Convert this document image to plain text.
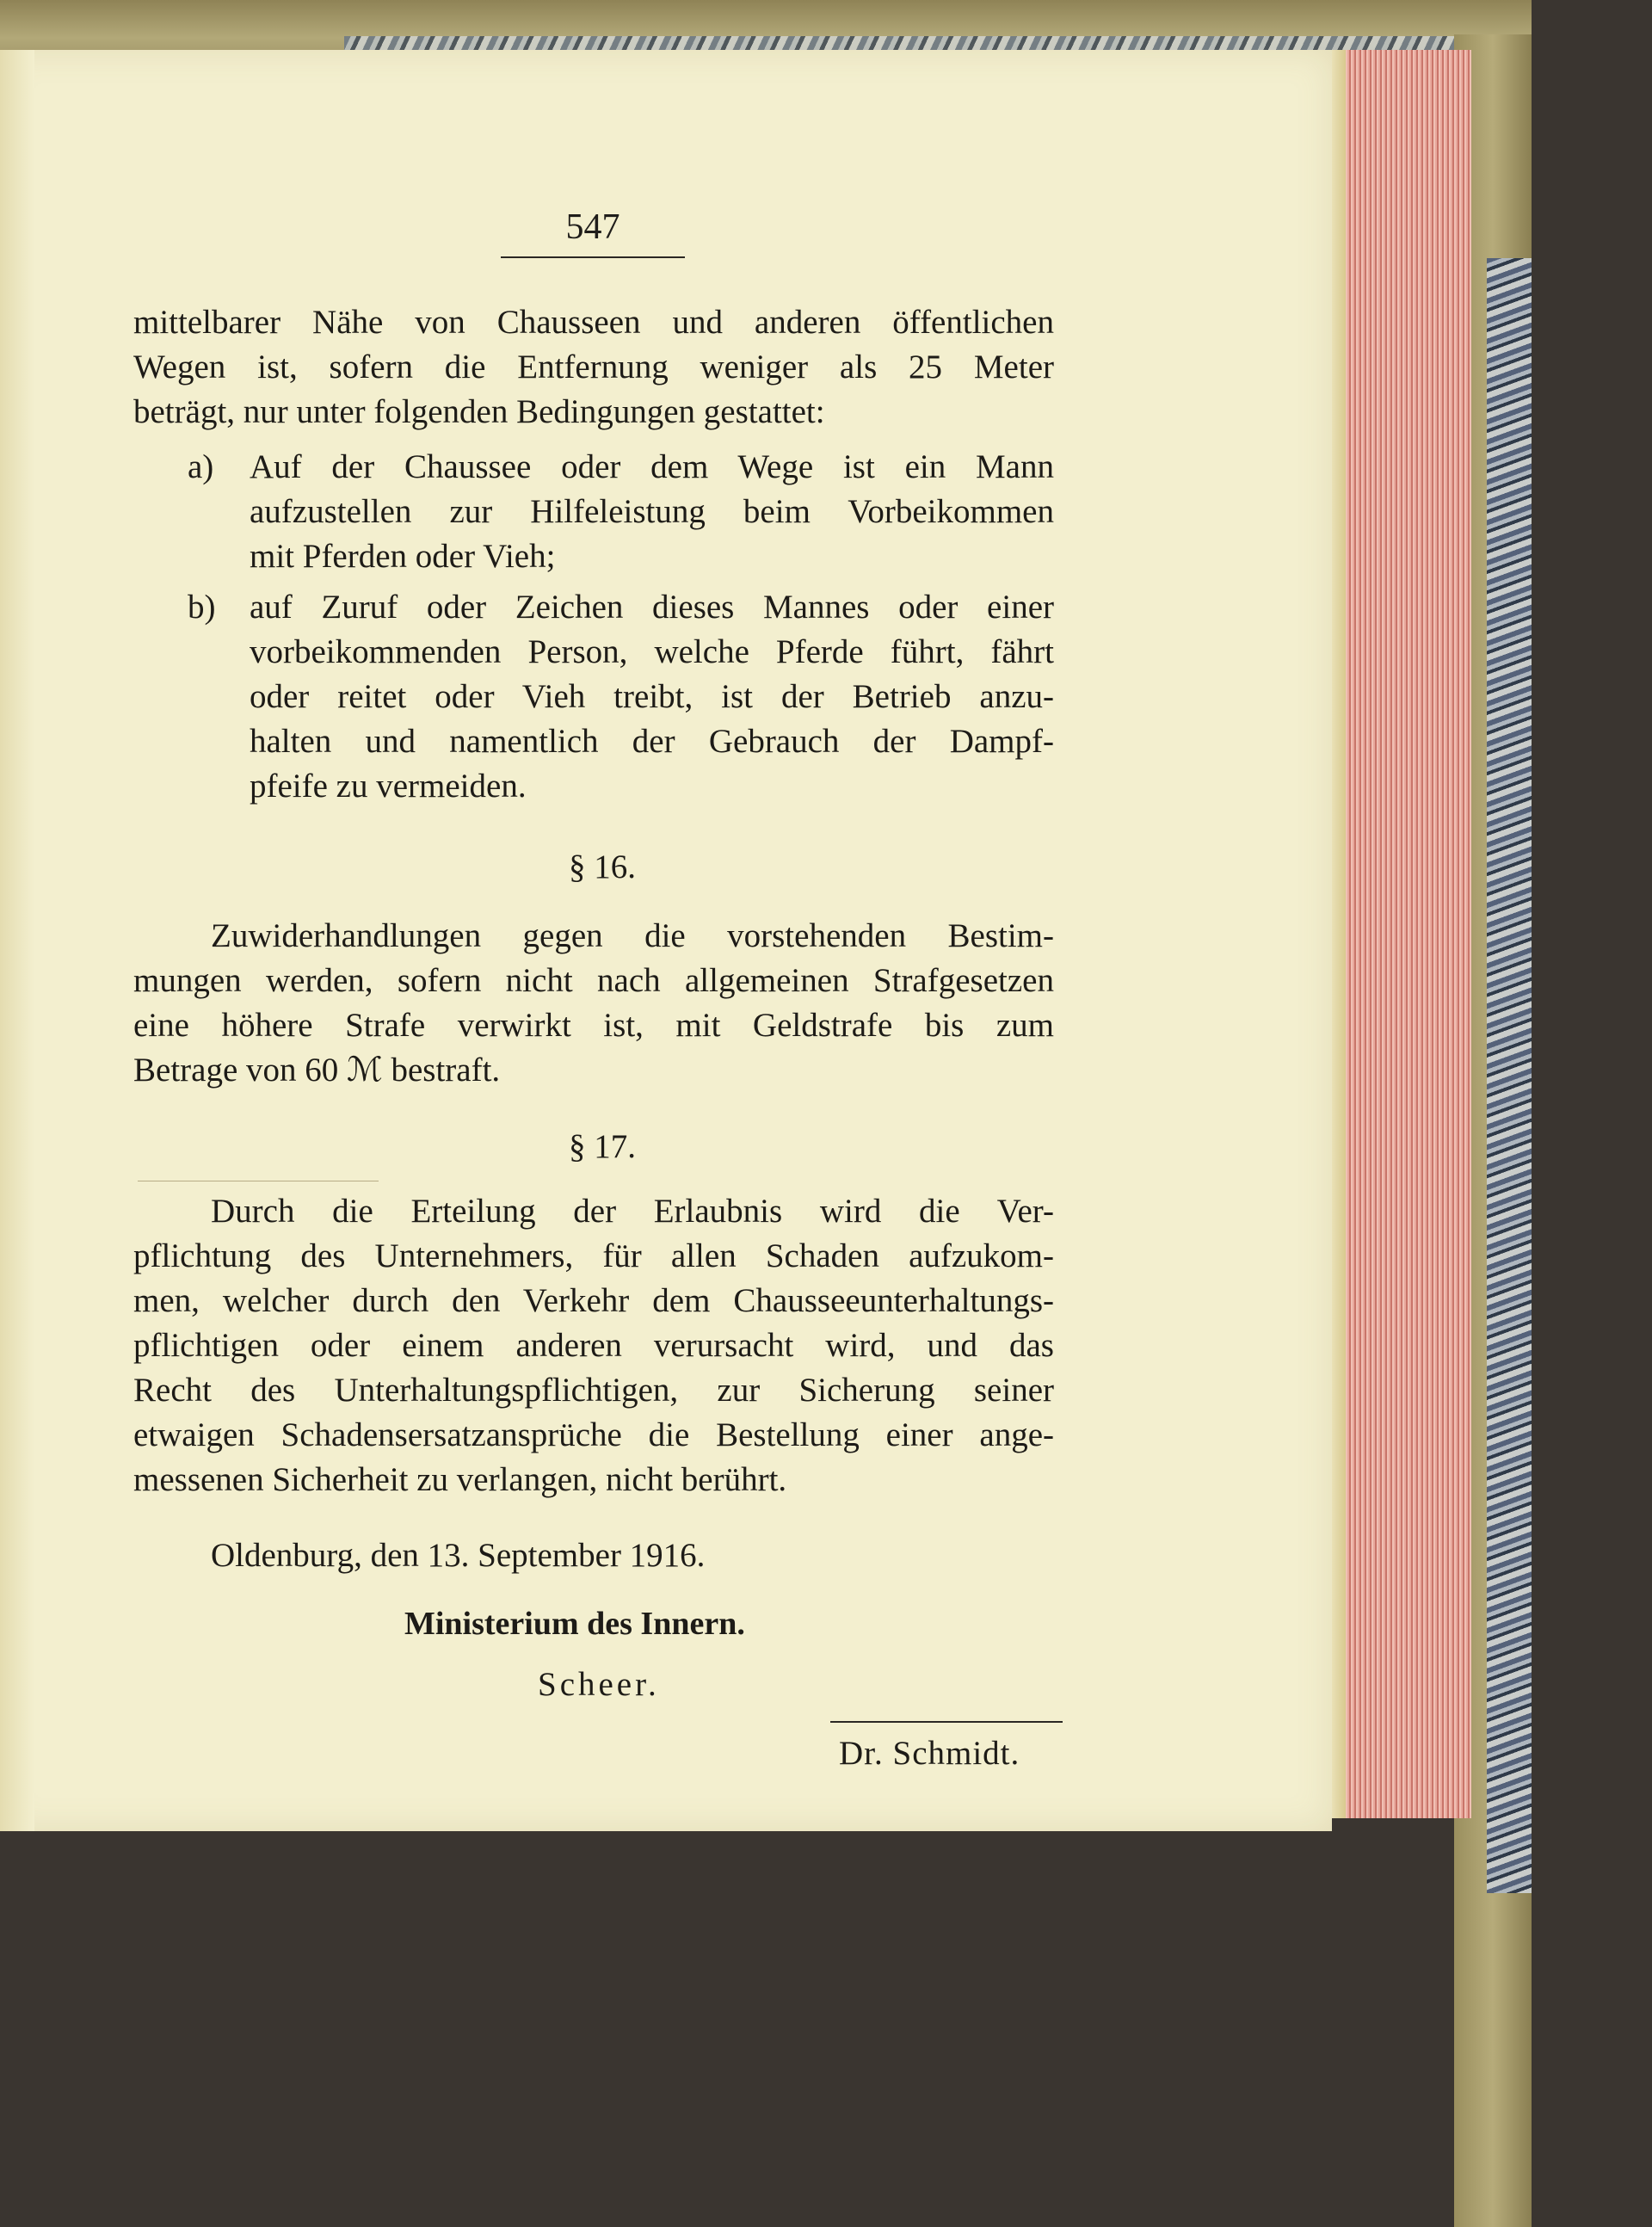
547
mittelbarer Nähe von Chausseen und anderen öffentlichen
Wegen ist, sofern die Entfernung weniger als 25 Meter
beträgt, nur unter folgenden Bedingungen gestattet:
a) Auf der Chaussee oder dem Wege ist ein Mann
aufzustellen zur Hilfeleistung beim Vorbeikommen
mit Pferden oder Vieh;
b) auf Zuruf oder Zeichen dieses Mannes oder einer
vorbeikommenden Person, welche Pferde führt, fährt
oder reitet oder Vieh treibt, ist der Betrieb anzu-
halten und namentlich der Gebrauch der Dampf-
pfeife zu vermeiden.
§ 16.
Zuwiderhandlungen gegen die vorstehenden Bestim-
mungen werden, sofern nicht nach allgemeinen Strafgesetzen
eine höhere Strafe verwirkt ist, mit Geldstrafe bis zum
Betrage von 60 ℳ bestraft.
§ 17.
Durch die Erteilung der Erlaubnis wird die Ver-
pflichtung des Unternehmers, für allen Schaden aufzukom-
men, welcher durch den Verkehr dem Chausseeunterhaltungs-
pflichtigen oder einem anderen verursacht wird, und das
Recht des Unterhaltungspflichtigen, zur Sicherung seiner
etwaigen Schadensersatzansprüche die Bestellung einer ange-
messenen Sicherheit zu verlangen, nicht berührt.
Oldenburg, den 13. September 1916.
Ministerium des Innern.
Scheer.
Dr. Schmidt.
